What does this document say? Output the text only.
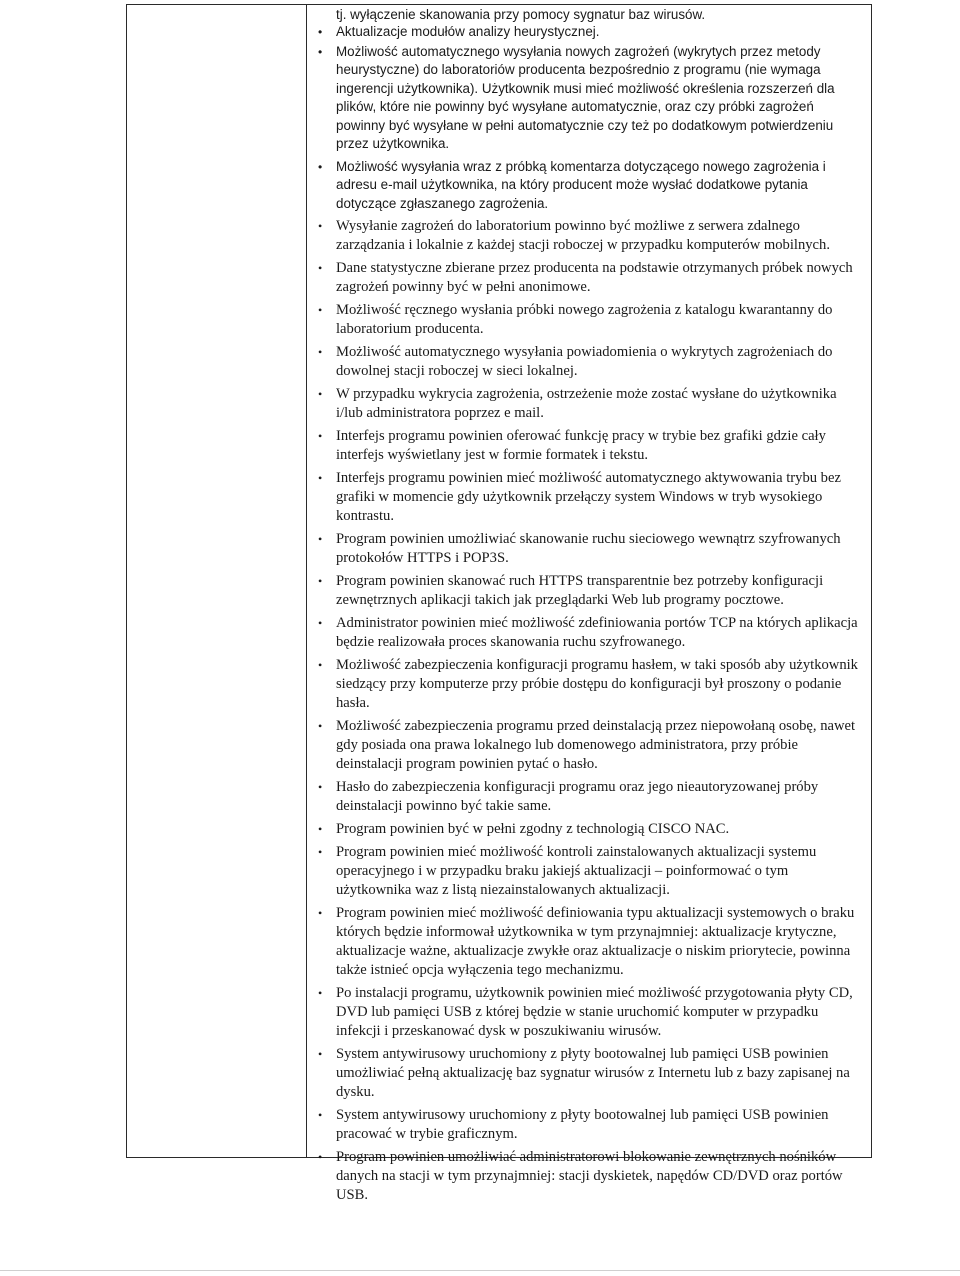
tj. wyłączenie skanowania przy pomocy sygnatur baz wirusów.
• Aktualizacje modułów analizy heurystycznej.
• Możliwość automatycznego wysyłania nowych zagrożeń (wykrytych przez metody heurystyczne) do laboratoriów producenta bezpośrednio z programu (nie wymaga ingerencji użytkownika). Użytkownik musi mieć możliwość określenia rozszerzeń dla plików, które nie powinny być wysyłane automatycznie, oraz czy próbki zagrożeń powinny być wysyłane w pełni automatycznie czy też po dodatkowym potwierdzeniu przez użytkownika.
• Możliwość wysyłania wraz z próbką komentarza dotyczącego nowego zagrożenia i adresu e-mail użytkownika, na który producent może wysłać dodatkowe pytania dotyczące zgłaszanego zagrożenia.
• Wysyłanie zagrożeń do laboratorium powinno być możliwe z serwera zdalnego zarządzania i lokalnie z każdej stacji roboczej w przypadku komputerów mobilnych.
• Dane statystyczne zbierane przez producenta na podstawie otrzymanych próbek nowych zagrożeń powinny być w pełni anonimowe.
• Możliwość ręcznego wysłania próbki nowego zagrożenia z katalogu kwarantanny do laboratorium producenta.
• Możliwość automatycznego wysyłania powiadomienia o wykrytych zagrożeniach do dowolnej stacji roboczej w sieci lokalnej.
• W przypadku wykrycia zagrożenia, ostrzeżenie może zostać wysłane do użytkownika i/lub administratora poprzez e mail.
• Interfejs programu powinien oferować funkcję pracy w trybie bez grafiki gdzie cały interfejs wyświetlany jest w formie formatek i tekstu.
• Interfejs programu powinien mieć możliwość automatycznego aktywowania trybu bez grafiki w momencie gdy użytkownik przełączy system Windows w tryb wysokiego kontrastu.
• Program powinien umożliwiać skanowanie ruchu sieciowego wewnątrz szyfrowanych protokołów HTTPS i POP3S.
• Program powinien skanować ruch HTTPS transparentnie bez potrzeby konfiguracji zewnętrznych aplikacji takich jak przeglądarki Web lub programy pocztowe.
• Administrator powinien mieć możliwość zdefiniowania portów TCP na których aplikacja będzie realizowała proces skanowania ruchu szyfrowanego.
• Możliwość zabezpieczenia konfiguracji programu hasłem, w taki sposób aby użytkownik siedzący przy komputerze przy próbie dostępu do konfiguracji był proszony o podanie hasła.
• Możliwość zabezpieczenia programu przed deinstalacją przez niepowołaną osobę, nawet gdy posiada ona prawa lokalnego lub domenowego administratora, przy próbie deinstalacji program powinien pytać o hasło.
• Hasło do zabezpieczenia konfiguracji programu oraz jego nieautoryzowanej próby deinstalacji powinno być takie same.
• Program powinien być w pełni zgodny z technologią CISCO NAC.
• Program powinien mieć możliwość kontroli zainstalowanych aktualizacji systemu operacyjnego i w przypadku braku jakiejś aktualizacji – poinformować o tym użytkownika waz z listą niezainstalowanych aktualizacji.
• Program powinien mieć możliwość definiowania typu aktualizacji systemowych o braku których będzie informował użytkownika w tym przynajmniej: aktualizacje krytyczne, aktualizacje ważne, aktualizacje zwykłe oraz aktualizacje o niskim priorytecie, powinna także istnieć opcja wyłączenia tego mechanizmu.
• Po instalacji programu, użytkownik powinien mieć możliwość przygotowania płyty CD, DVD lub pamięci USB z której będzie w stanie uruchomić komputer w przypadku infekcji i przeskanować dysk w poszukiwaniu wirusów.
• System antywirusowy uruchomiony z płyty bootowalnej lub pamięci USB powinien umożliwiać pełną aktualizację baz sygnatur wirusów z Internetu lub z bazy zapisanej na dysku.
• System antywirusowy uruchomiony z płyty bootowalnej lub pamięci USB powinien pracować w trybie graficznym.
• Program powinien umożliwiać administratorowi blokowanie zewnętrznych nośników danych na stacji w tym przynajmniej: stacji dyskietek, napędów CD/DVD oraz portów USB.
